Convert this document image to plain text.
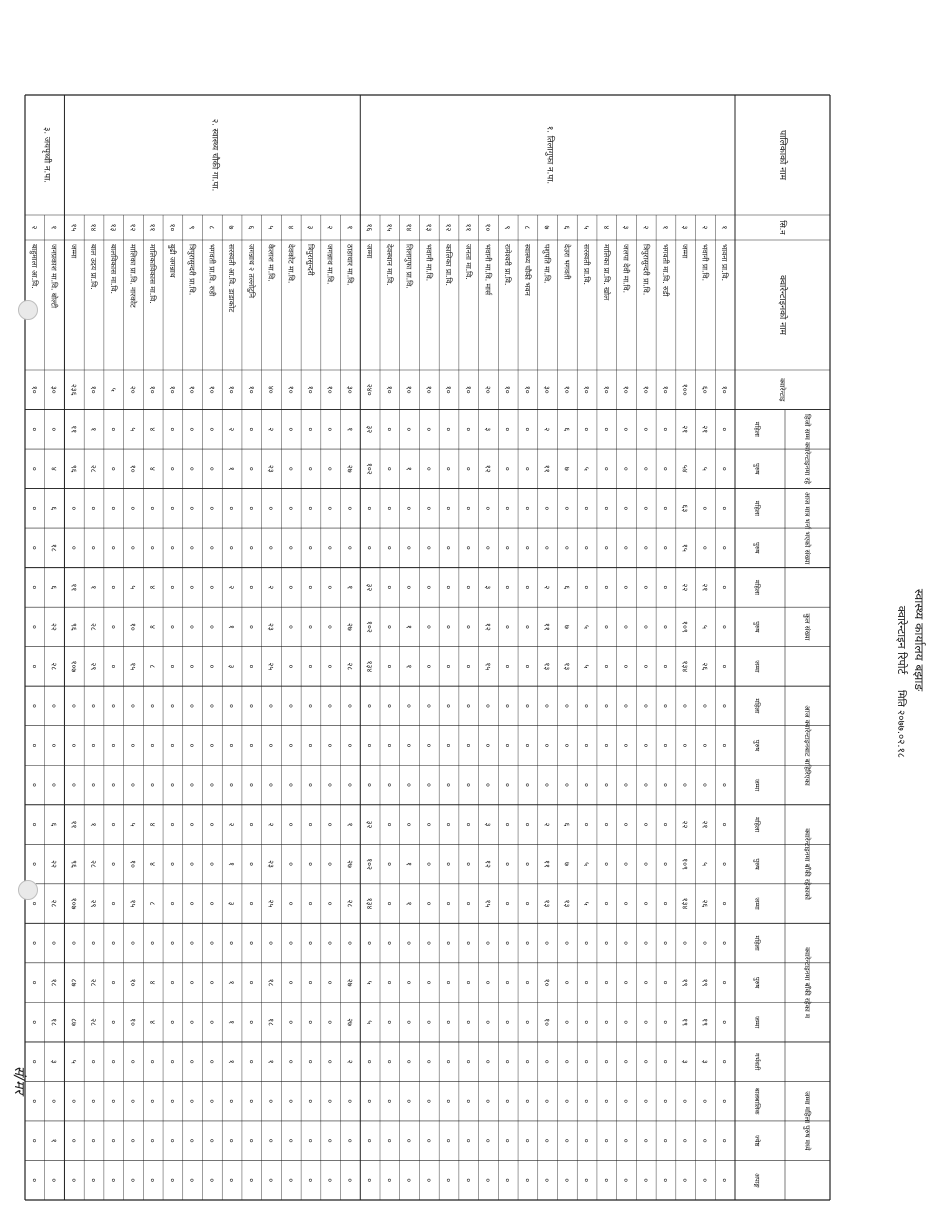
स्वास्थ्य कार्यालय बझाङ
क्वारेन्टाइन रिपोर्ट
मिति २०७७.०२.१८
पालिकाको नाम
सि.न
क्वारेन्टाइनको नाम
क्वारेन्टाइ
हिजो सम्म क्वारेन्टाइनमा रहे
आज मात्र भर्ना भएको संख्या
कुल संख्या
आज क्वारेन्टाइनबाट बाहिरिएका
क्वारेन्टाइनमा बाँकी रहेकाको
क्वारेन्टाइनमा बाँकी रहेका म
जम्मा महिला पुरुष मध्ये
महिला
पुरुष
महिला
पुरुष
महिला
पुरुष
जम्मा
महिला
पुरुष
जम्मा
महिला
पुरुष
जम्मा
महिला
पुरुष
जम्मा
गर्भवती
बालबालिक
ज्येष्ठ
अपाङ्ग
१
भावना प्रा.वि.
१०
०
०
०
०
०
०
०
०
०
०
०
०
०
०
०
०
०
०
०
०
२
भवानी प्रा.वि.
६०
२१
५
०
०
२१
५
२६
०
०
०
२१
५
२६
०
१९
१९
३
०
०
०
३
जम्मा
१००
२१
५४
६३
१५
२२
१०९
१३४
०
०
०
२२
१०९
१३४
०
१९
१९
३
०
०
०
१
भगवती मा.वि. रुडी
१०
०
०
०
०
०
०
०
०
०
०
०
०
०
०
०
०
०
०
०
०
२
त्रिपुरासुन्दरी प्रा.वि.
१०
०
०
०
०
०
०
०
०
०
०
०
०
०
०
०
०
०
०
०
०
३
जलपा देवी मा.वि.
१०
०
०
०
०
०
०
०
०
०
०
०
०
०
०
०
०
०
०
०
०
४
मालिका प्रा.वि. खोल
१०
०
०
०
०
०
०
०
०
०
०
०
०
०
०
०
०
०
०
०
०
५
सरस्वती प्रा.वि.
१०
०
५
०
०
०
५
५
०
०
०
०
५
५
०
०
०
०
०
०
०
६
देउरा भगवती
१०
६
७
०
०
६
७
१३
०
०
०
६
७
१३
०
०
०
०
०
०
०
७
पशुपति मा.वि.
३०
२
११
०
०
२
११
१३
०
०
०
२
११
१३
०
१०
१०
०
०
०
०
८
स्वास्थ्य चौकी भवन
१०
०
०
०
०
०
०
०
०
०
०
०
०
०
०
०
०
०
०
०
०
९
रामेश्वरी प्रा.वि.
१०
०
०
०
०
०
०
०
०
०
०
०
०
०
०
०
०
०
०
०
०
१०
भवानी मा.वि. मार्स
२०
३
१२
०
०
३
१२
१५
०
०
०
३
१२
१५
०
०
०
०
०
०
०
११
जनता मा.वि.
१०
०
०
०
०
०
०
०
०
०
०
०
०
०
०
०
०
०
०
०
०
१२
कालिका प्रा.वि.
१०
०
०
०
०
०
०
०
०
०
०
०
०
०
०
०
०
०
०
०
०
१३
भवानी मा.वि.
१०
०
०
०
०
०
०
०
०
०
०
०
०
०
०
०
०
०
०
०
०
१४
तिलागुफा प्रा.वि.
१०
०
१
०
०
०
१
१
०
०
०
०
१
१
०
०
०
०
०
०
०
१५
देवस्थान मा.वि.
१०
०
०
०
०
०
०
०
०
०
०
०
०
०
०
०
०
०
०
०
०
१६
जम्मा
२४०
३२
१०२
०
०
३२
१०२
१३४
०
०
०
३२
१०२
१३४
०
५
५
०
०
०
०
१
ठाडाधार मा.वि.
३०
१
२७
०
०
१
२७
२८
०
०
०
१
२७
२८
०
२७
२७
२
०
०
०
२
जगन्नाथ मा.वि.
१०
०
०
०
०
०
०
०
०
०
०
०
०
०
०
०
०
०
०
०
०
३
त्रिपुरासुन्दरी
१०
०
०
०
०
०
०
०
०
०
०
०
०
०
०
०
०
०
०
०
०
४
देवकोट मा.वि.
१०
०
०
०
०
०
०
०
०
०
०
०
०
०
०
०
०
०
०
०
०
५
कैलाश मा.वि.
४०
२
२३
०
०
२
२३
२५
०
०
०
२
२३
२५
०
१८
१८
१
०
०
०
६
जगन्नाथ २ तल्लोटुनि
१०
०
०
०
०
०
०
०
०
०
०
०
०
०
०
०
०
०
०
०
०
७
सरस्वती आ.वि. डाडाकोट
१०
२
१
०
०
२
१
३
०
०
०
२
१
३
०
१
१
१
०
०
०
८
भगवती प्रा.वि. रुडी
१०
०
०
०
०
०
०
०
०
०
०
०
०
०
०
०
०
०
०
०
०
९
त्रिपुरासुन्दरी प्रा.वि.
१०
०
०
०
०
०
०
०
०
०
०
०
०
०
०
०
०
०
०
०
०
१०
बुढी जगन्नाथ
१०
०
०
०
०
०
०
०
०
०
०
०
०
०
०
०
०
०
०
०
०
११
मालिकाविकास मा.वि.
१०
४
४
०
०
४
४
८
०
०
०
४
४
८
०
४
४
०
०
०
०
१२
मालिका प्रा.वि. नारकोट
२०
५
१०
०
०
५
१०
१५
०
०
०
५
१०
१५
०
१०
१०
०
०
०
०
१३
बालविकास मा.वि.
५
०
०
०
०
०
०
०
०
०
०
०
०
०
०
०
०
०
०
०
०
१४
बाल उदय प्रा.वि.
१०
१
२८
०
०
१
२८
२९
०
०
०
१
२८
२९
०
२८
२८
०
०
०
०
१५
जम्मा
२३६
११
९६
०
०
११
९६
१०७
०
०
०
११
९६
१०७
०
८७
८७
५
०
०
०
१
जनप्रकाश मा.वि. बोल्टी
३०
०
४
६
१८
६
२२
२८
०
०
०
६
२२
२८
०
१८
१८
३
०
१
०
२
बाहुमाला आ.वि.
१०
०
०
०
०
०
०
०
०
०
०
०
०
०
०
०
०
०
०
०
०
१. तिलागुफा न.पा.
२. स्वास्थ्य चौकी गा.पा.
३. जयपृथ्वी न.पा.
सं/मर
